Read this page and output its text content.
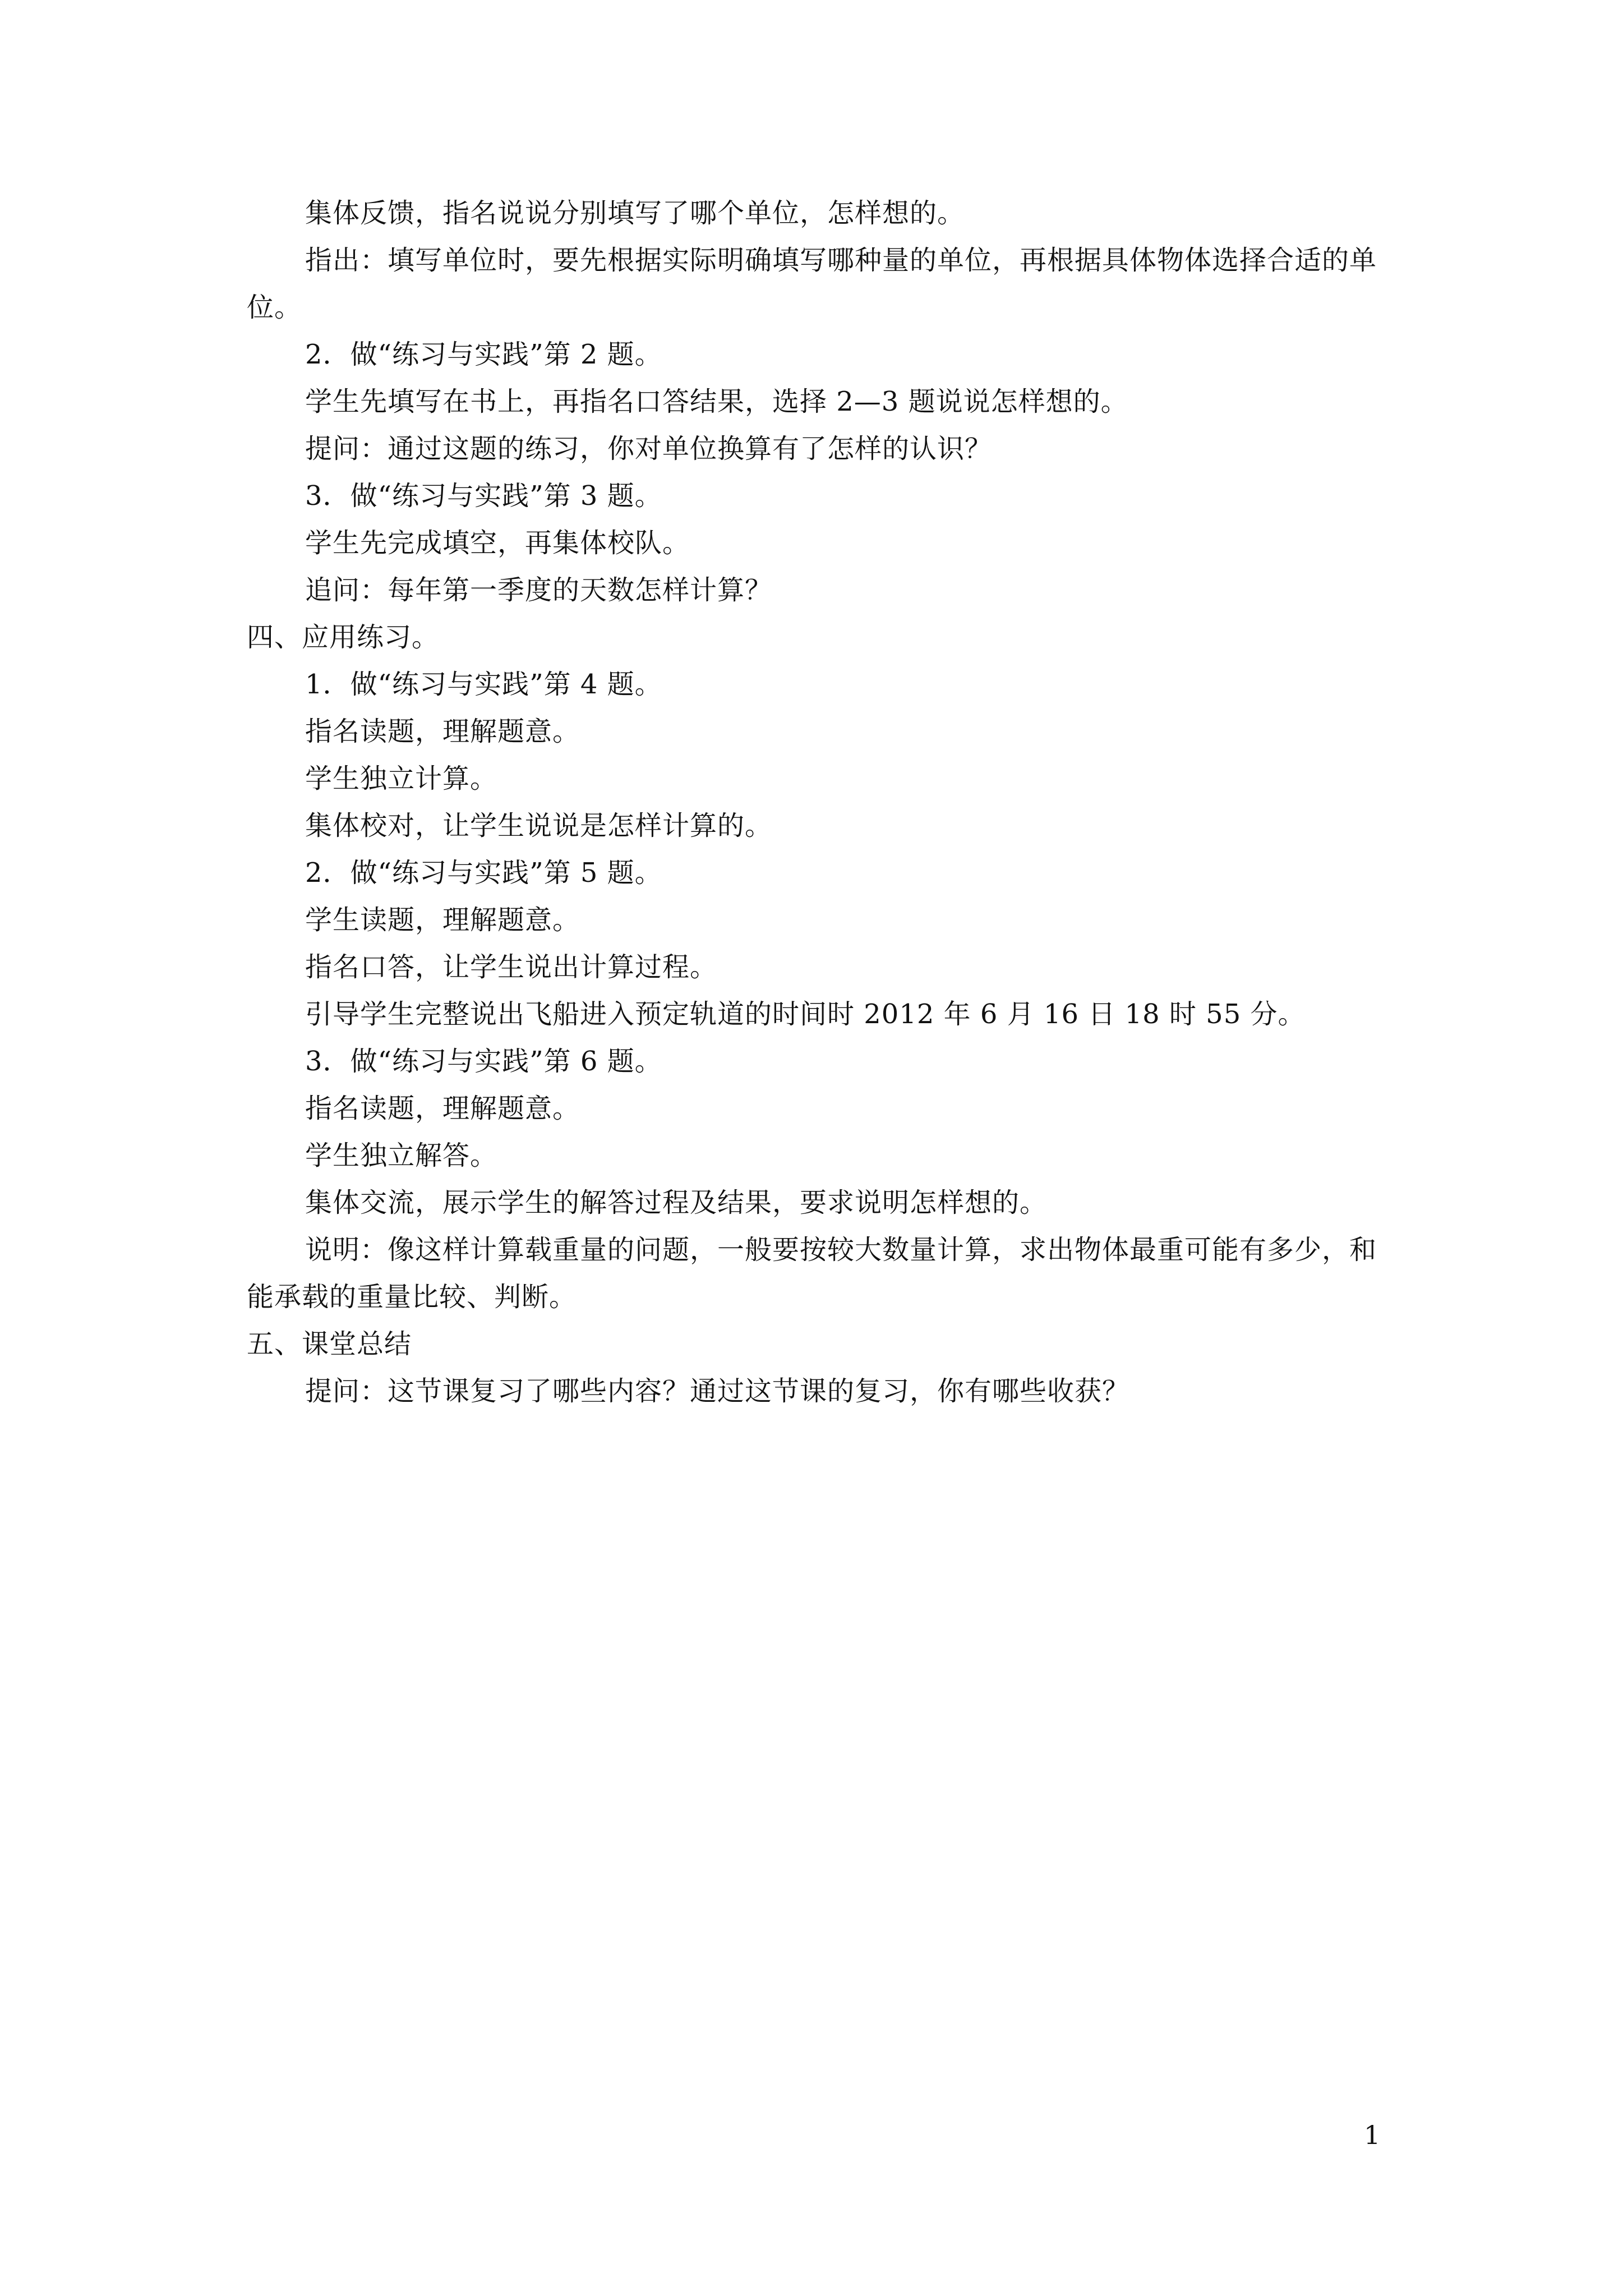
集体反馈，指名说说分别填写了哪个单位，怎样想的。
指出：填写单位时，要先根据实际明确填写哪种量的单位，再根据具体物体选择合适的单位。
2．做“练习与实践”第 2 题。
学生先填写在书上，再指名口答结果，选择 2—3 题说说怎样想的。
提问：通过这题的练习，你对单位换算有了怎样的认识？
3．做“练习与实践”第 3 题。
学生先完成填空，再集体校队。
追问：每年第一季度的天数怎样计算？
四、应用练习。
1．做“练习与实践”第 4 题。
指名读题，理解题意。
学生独立计算。
集体校对，让学生说说是怎样计算的。
2．做“练习与实践”第 5 题。
学生读题，理解题意。
指名口答，让学生说出计算过程。
引导学生完整说出飞船进入预定轨道的时间时 2012 年 6 月 16 日 18 时 55 分。
3．做“练习与实践”第 6 题。
指名读题，理解题意。
学生独立解答。
集体交流，展示学生的解答过程及结果，要求说明怎样想的。
说明：像这样计算载重量的问题，一般要按较大数量计算，求出物体最重可能有多少，和能承载的重量比较、判断。
五、课堂总结
提问：这节课复习了哪些内容？通过这节课的复习，你有哪些收获？
1
